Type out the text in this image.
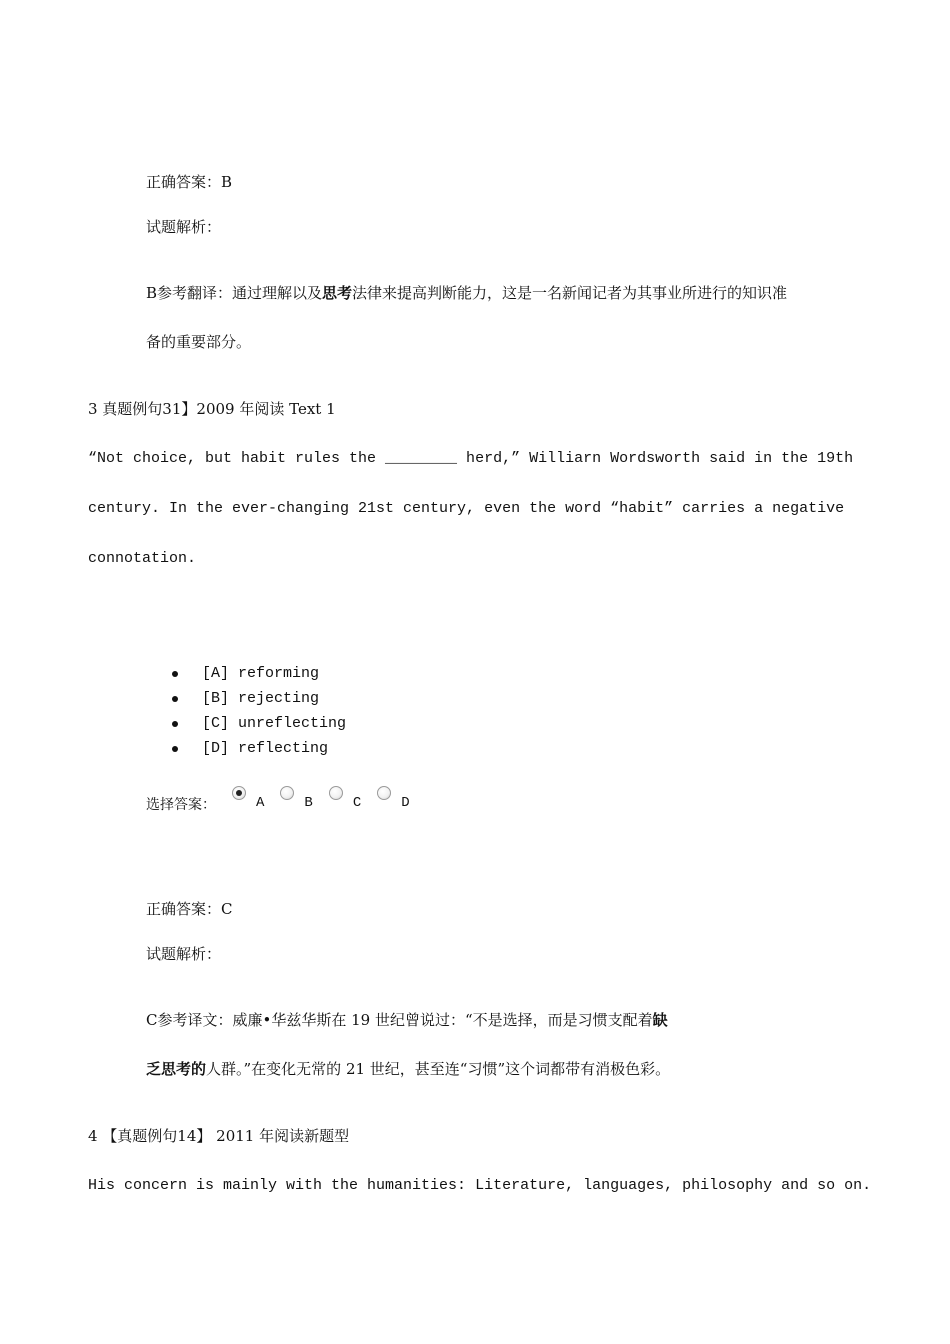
正确答案：B
试题解析：
B参考翻译：通过理解以及思考法律来提高判断能力，这是一名新闻记者为其事业所进行的知识准
备的重要部分。
3 真题例句31】2009 年阅读 Text 1
“Not choice, but habit rules the ________ herd,” Williarn Wordsworth said in the 19th
century. In the ever-changing 21st century, even the word “habit” carries a negative
connotation.
[A] reforming
[B] rejecting
[C] unreflecting
[D] reflecting
选择答案：	A	B	C	D
正确答案：C
试题解析：
C参考译文：威廉•华兹华斯在 19 世纪曾说过：“不是选择，而是习惯支配着缺
乏思考的人群。”在变化无常的 21 世纪，甚至连“习惯”这个词都带有消极色彩。
4 【真题例句14】 2011 年阅读新题型
His concern is mainly with the humanities: Literature, languages, philosophy and so on.
